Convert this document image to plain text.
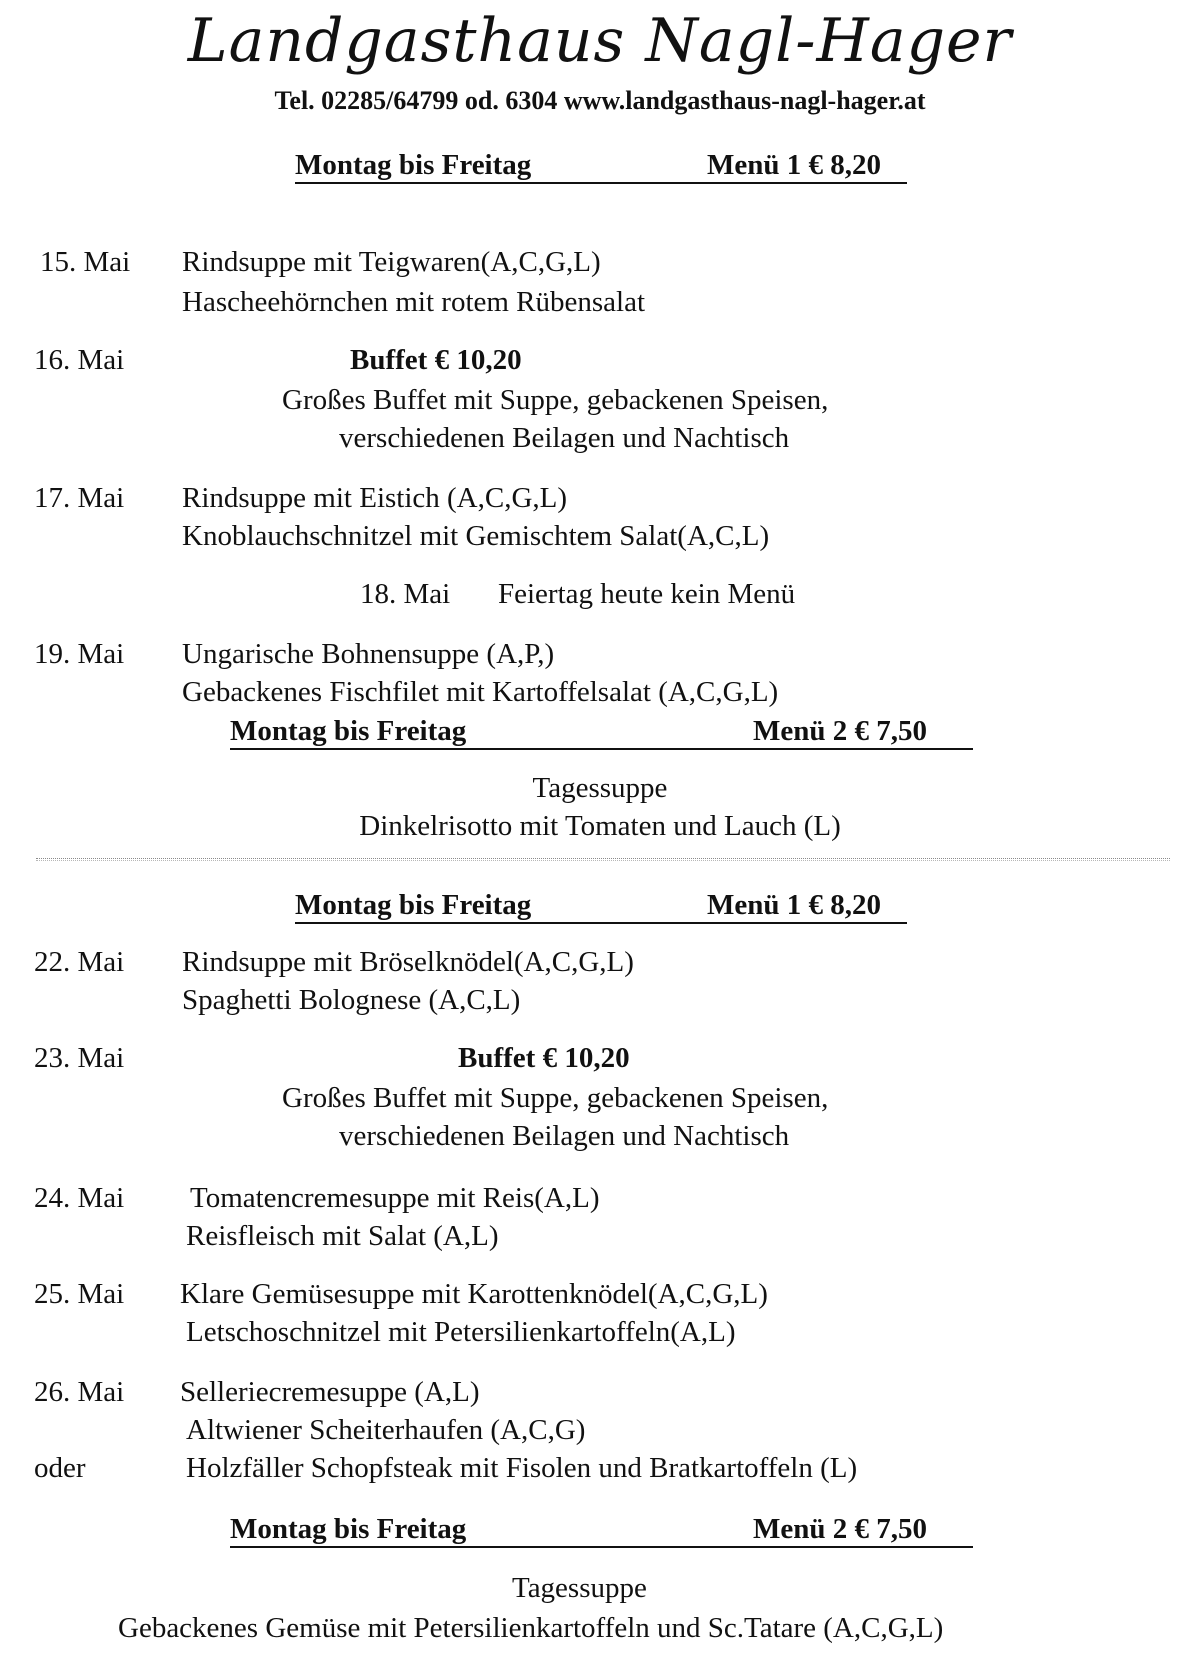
Landgasthaus Nagl-Hager
Tel. 02285/64799 od. 6304 www.landgasthaus-nagl-hager.at
Montag bis Freitag	Menü 1 € 8,20
15. Mai Rindsuppe mit Teigwaren(A,C,G,L)
Hascheehörnchen mit rotem Rübensalat
16. Mai	Buffet € 10,20
Großes Buffet mit Suppe, gebackenen Speisen,
verschiedenen Beilagen und Nachtisch
17. Mai Rindsuppe mit Eistich (A,C,G,L)
Knoblauchschnitzel mit Gemischtem Salat(A,C,L)
18. Mai Feiertag heute kein Menü
19. Mai Ungarische Bohnensuppe (A,P,)
Gebackenes Fischfilet mit Kartoffelsalat (A,C,G,L)
Montag bis Freitag	Menü 2 € 7,50
Tagessuppe
Dinkelrisotto mit Tomaten und Lauch (L)
Montag bis Freitag	Menü 1 € 8,20
22. Mai Rindsuppe mit Bröselknödel(A,C,G,L)
Spaghetti Bolognese (A,C,L)
23. Mai	Buffet € 10,20
Großes Buffet mit Suppe, gebackenen Speisen,
verschiedenen Beilagen und Nachtisch
24. Mai Tomatencremesuppe mit Reis(A,L)
Reisfleisch mit Salat (A,L)
25. Mai Klare Gemüsesuppe mit Karottenknödel(A,C,G,L)
Letschoschnitzel mit Petersilienkartoffeln(A,L)
26. Mai Selleriecremesuppe (A,L)
Altwiener Scheiterhaufen (A,C,G)
oder	Holzfäller Schopfsteak mit Fisolen und Bratkartoffeln (L)
Montag bis Freitag	Menü 2 € 7,50
Tagessuppe
Gebackenes Gemüse mit Petersilienkartoffeln und Sc.Tatare (A,C,G,L)
